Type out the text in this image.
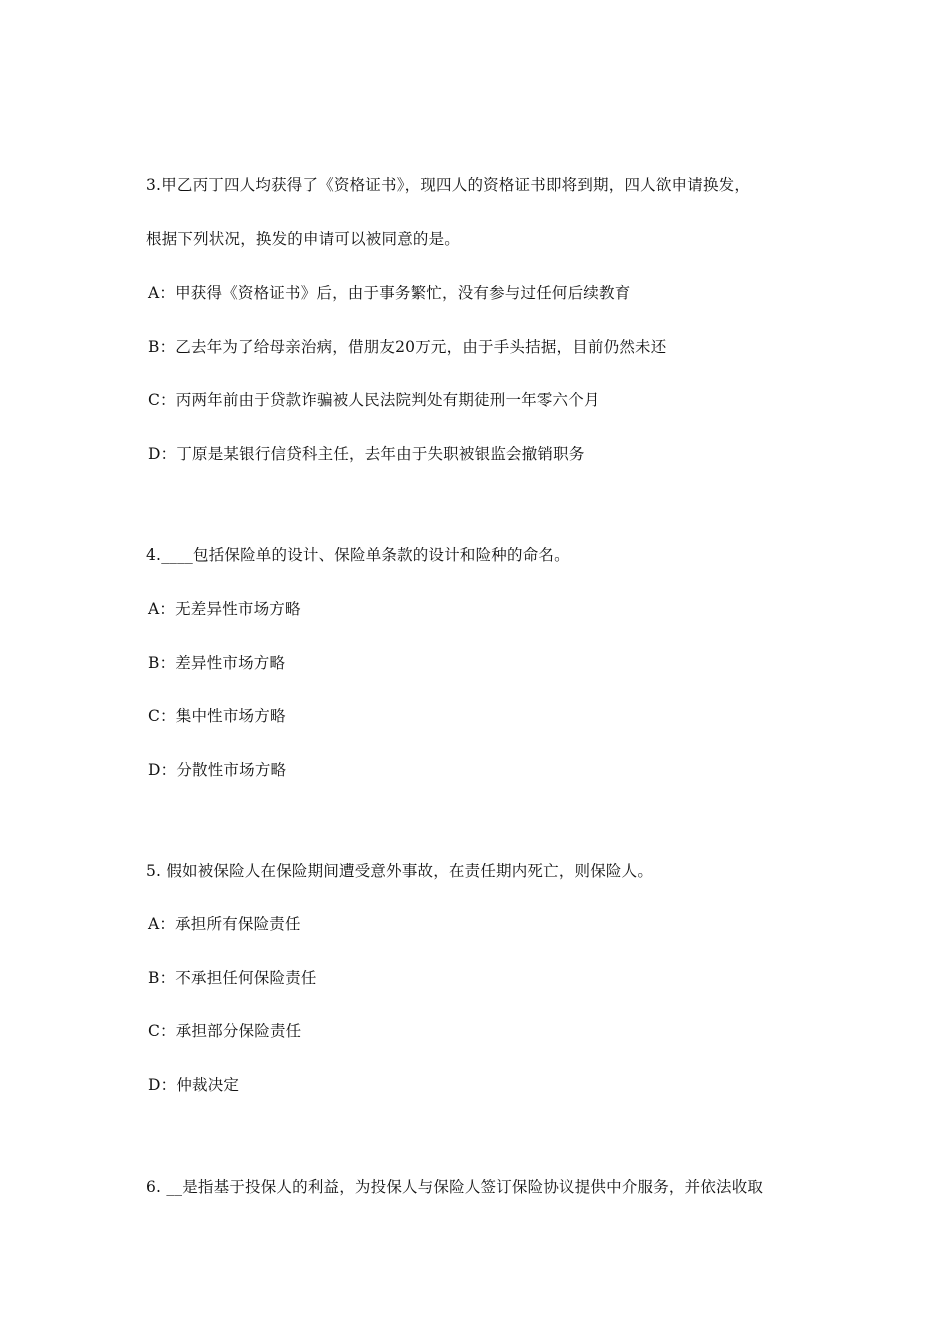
3.甲乙丙丁四人均获得了《资格证书》，现四人的资格证书即将到期，四人欲申请换发，
根据下列状况，换发的申请可以被同意的是。
A：甲获得《资格证书》后，由于事务繁忙，没有参与过任何后续教育
B：乙去年为了给母亲治病，借朋友20万元，由于手头拮据，目前仍然未还
C：丙两年前由于贷款诈骗被人民法院判处有期徒刑一年零六个月
D：丁原是某银行信贷科主任，去年由于失职被银监会撤销职务
4.____包括保险单的设计、保险单条款的设计和险种的命名。
A：无差异性市场方略
B：差异性市场方略
C：集中性市场方略
D：分散性市场方略
5. 假如被保险人在保险期间遭受意外事故，在责任期内死亡，则保险人。
A：承担所有保险责任
B：不承担任何保险责任
C：承担部分保险责任
D：仲裁决定
6. __是指基于投保人的利益，为投保人与保险人签订保险协议提供中介服务，并依法收取
